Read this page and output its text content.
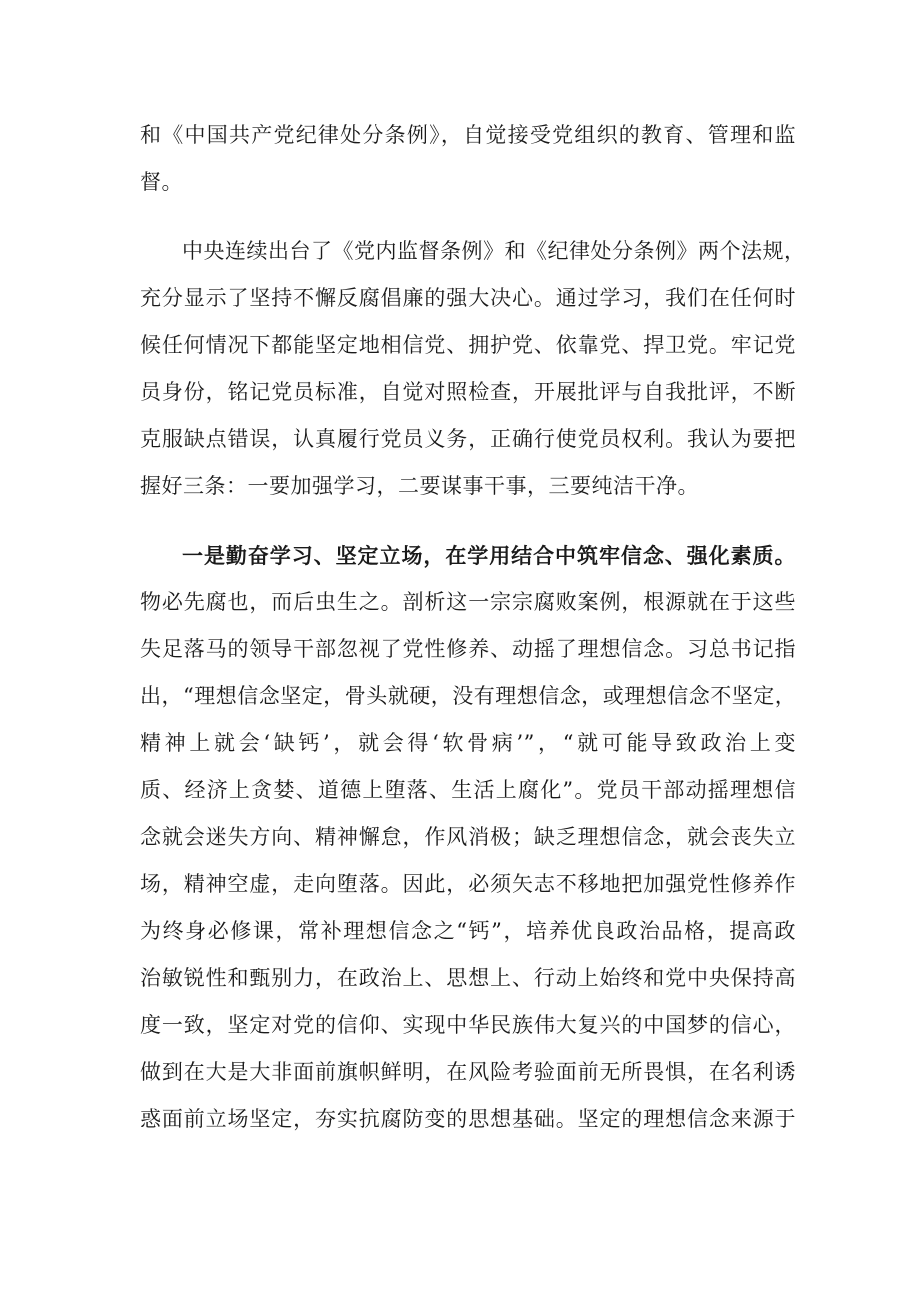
和《中国共产党纪律处分条例》，自觉接受党组织的教育、管理和监
督。
中央连续出台了《党内监督条例》和《纪律处分条例》两个法规，
充分显示了坚持不懈反腐倡廉的强大决心。通过学习，我们在任何时
候任何情况下都能坚定地相信党、拥护党、依靠党、捍卫党。牢记党
员身份，铭记党员标准，自觉对照检查，开展批评与自我批评，不断
克服缺点错误，认真履行党员义务，正确行使党员权利。我认为要把
握好三条：一要加强学习，二要谋事干事，三要纯洁干净。
一是勤奋学习、坚定立场，在学用结合中筑牢信念、强化素质。
物必先腐也，而后虫生之。剖析这一宗宗腐败案例，根源就在于这些
失足落马的领导干部忽视了党性修养、动摇了理想信念。习总书记指
出，“理想信念坚定，骨头就硬，没有理想信念，或理想信念不坚定，
精神上就会‘缺钙’，就会得‘软骨病’”，“就可能导致政治上变
质、经济上贪婪、道德上堕落、生活上腐化”。党员干部动摇理想信
念就会迷失方向、精神懈怠，作风消极；缺乏理想信念，就会丧失立
场，精神空虚，走向堕落。因此，必须矢志不移地把加强党性修养作
为终身必修课，常补理想信念之“钙”，培养优良政治品格，提高政
治敏锐性和甄别力，在政治上、思想上、行动上始终和党中央保持高
度一致，坚定对党的信仰、实现中华民族伟大复兴的中国梦的信心，
做到在大是大非面前旗帜鲜明，在风险考验面前无所畏惧，在名利诱
惑面前立场坚定，夯实抗腐防变的思想基础。坚定的理想信念来源于
